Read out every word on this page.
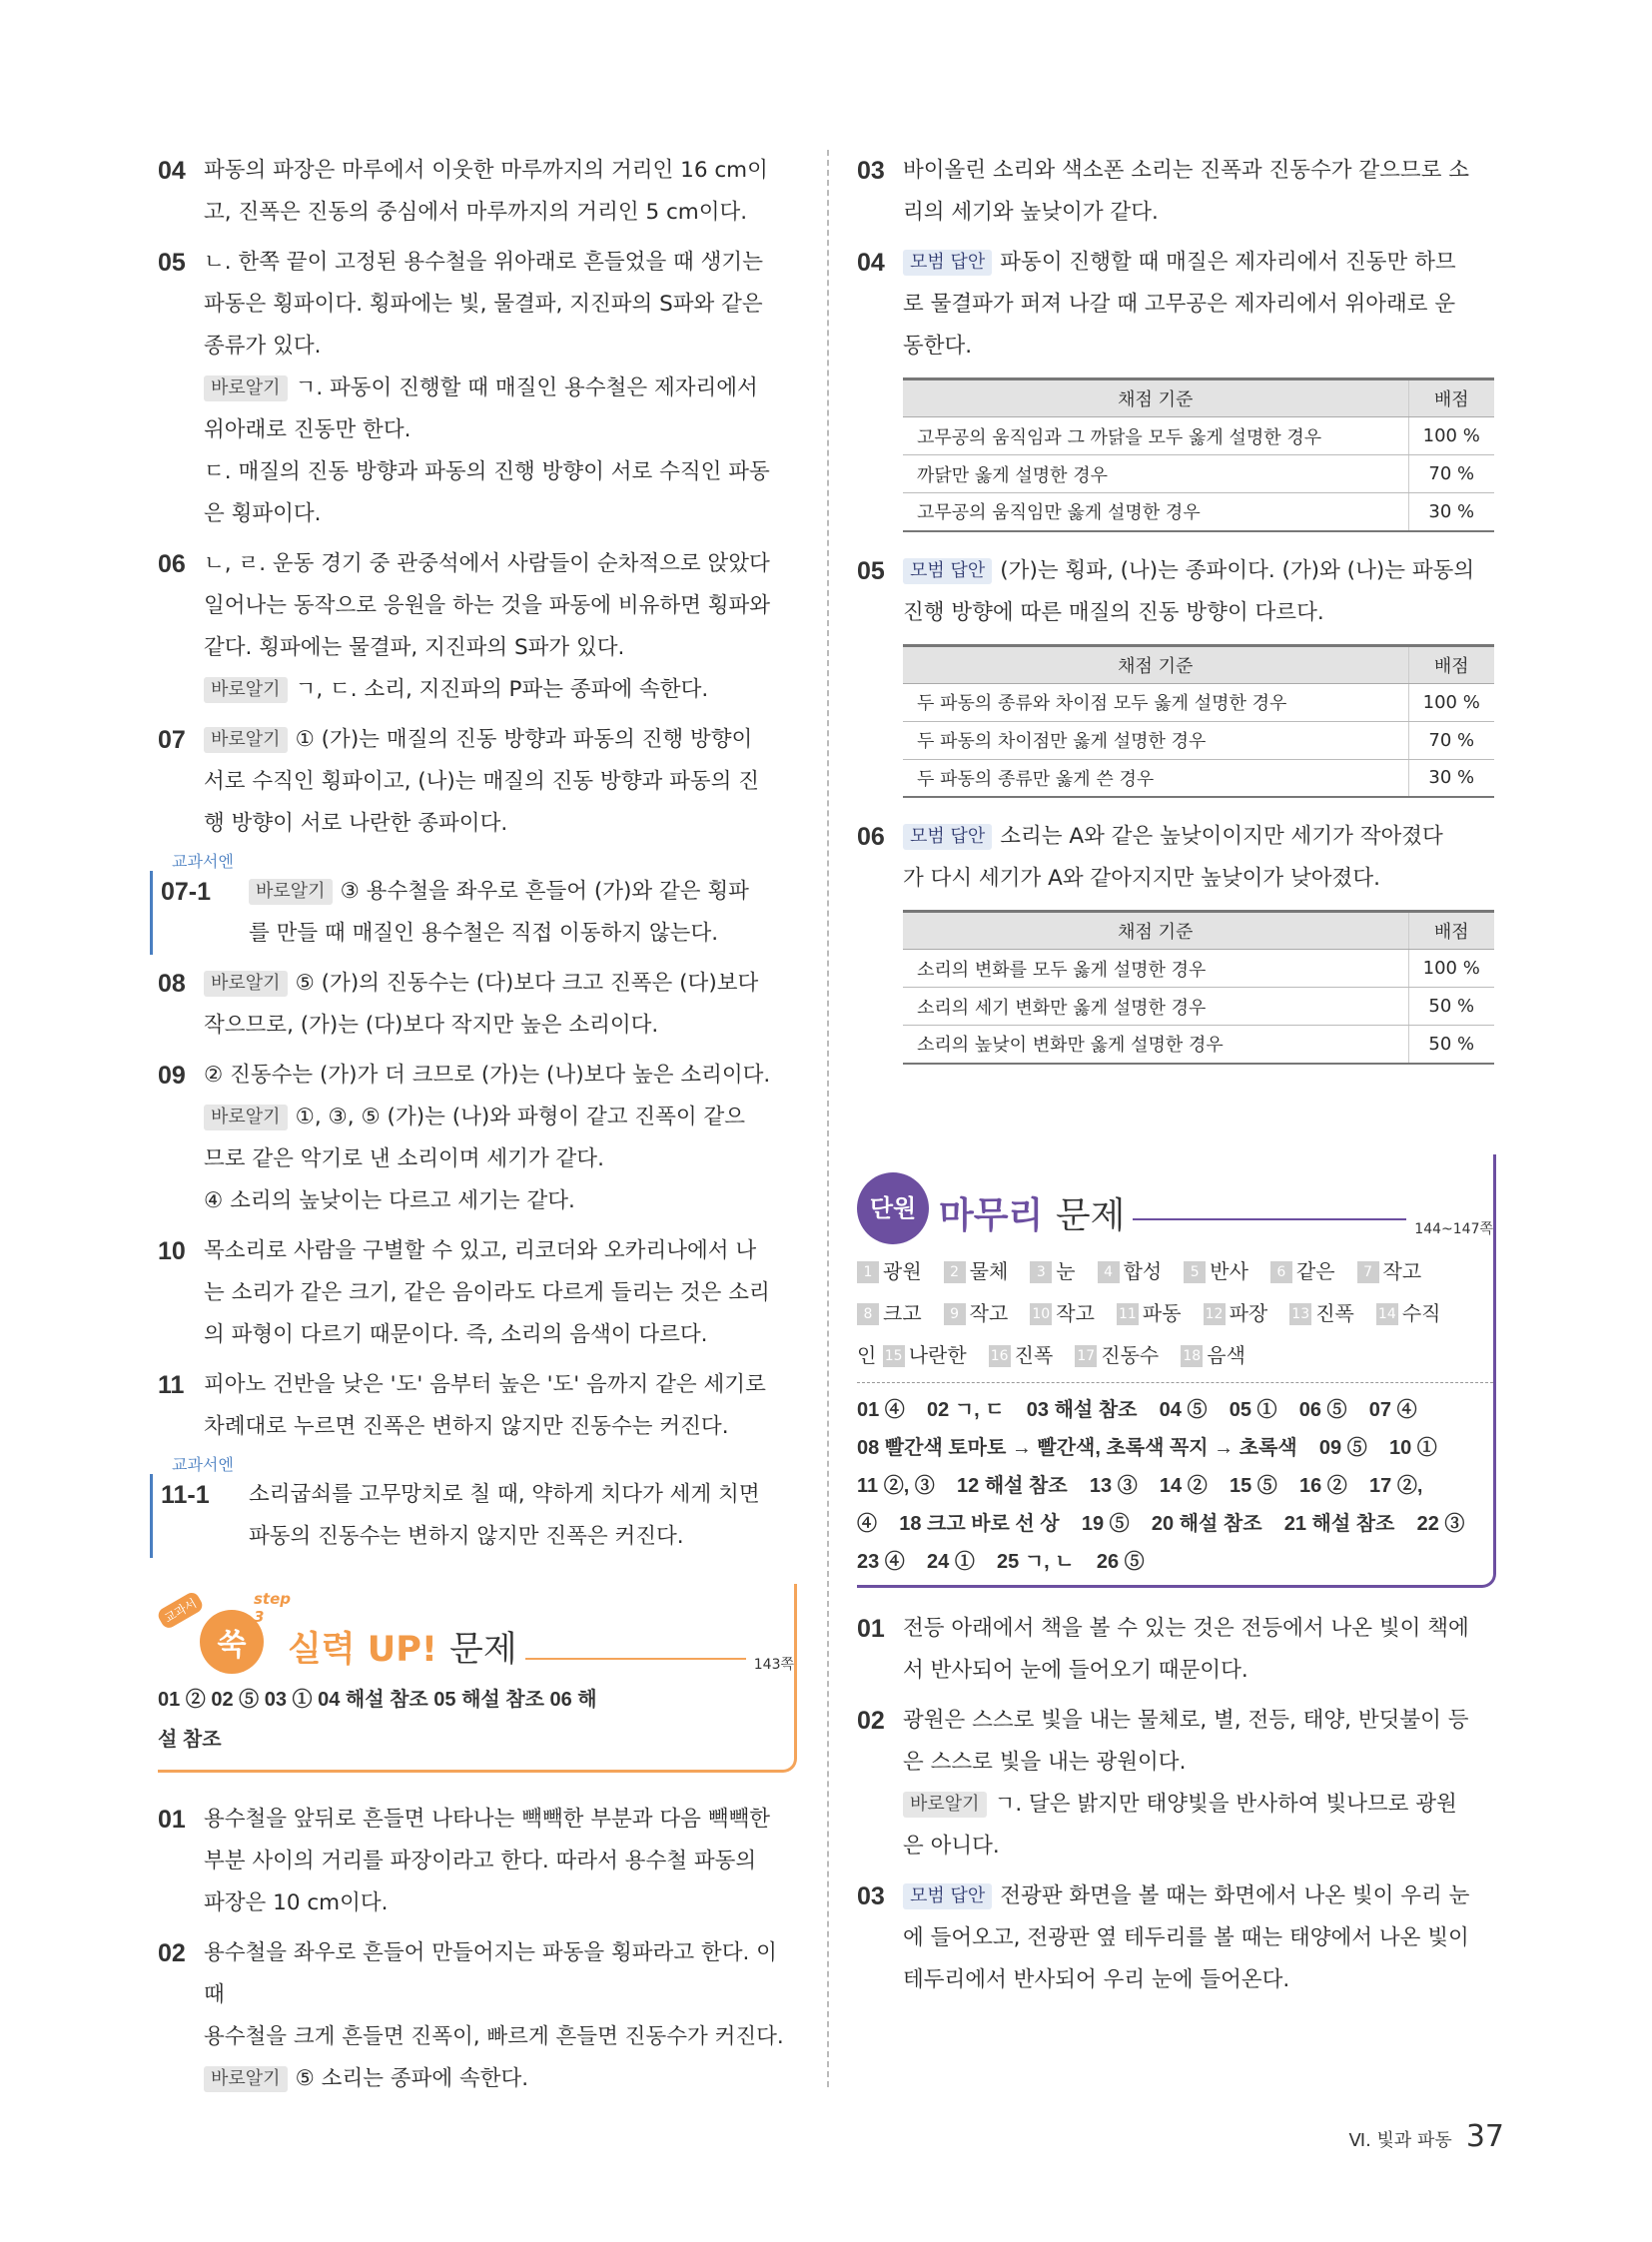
04 파동의 파장은 마루에서 이웃한 마루까지의 거리인 16 cm이

고, 진폭은 진동의 중심에서 마루까지의 거리인 5 cm이다.

05 ㄴ. 한쪽 끝이 고정된 용수철을 위아래로 흔들었을 때 생기는

파동은 횡파이다. 횡파에는 빛, 물결파, 지진파의 S파와 같은

종류가 있다.

바로알기 ㄱ. 파동이 진행할 때 매질인 용수철은 제자리에서

위아래로 진동만 한다.

ㄷ. 매질의 진동 방향과 파동의 진행 방향이 서로 수직인 파동

은 횡파이다.

06 ㄴ, ㄹ. 운동 경기 중 관중석에서 사람들이 순차적으로 앉았다

일어나는 동작으로 응원을 하는 것을 파동에 비유하면 횡파와

같다. 횡파에는 물결파, 지진파의 S파가 있다.

바로알기 ㄱ, ㄷ. 소리, 지진파의 P파는 종파에 속한다.

07	바로알기 ① (가)는 매질의 진동 방향과 파동의 진행 방향이

서로 수직인 횡파이고, (나)는 매질의 진동 방향과 파동의 진

행 방향이 서로 나란한 종파이다.

교과서엔
07-1	바로알기 ③ 용수철을 좌우로 흔들어 (가)와 같은 횡파

를 만들 때 매질인 용수철은 직접 이동하지 않는다.

08	바로알기 ⑤ (가)의 진동수는 (다)보다 크고 진폭은 (다)보다

작으므로, (가)는 (다)보다 작지만 높은 소리이다.

09 ② 진동수는 (가)가 더 크므로 (가)는 (나)보다 높은 소리이다.

바로알기 ①, ③, ⑤ (가)는 (나)와 파형이 같고 진폭이 같으

므로 같은 악기로 낸 소리이며 세기가 같다.

④ 소리의 높낮이는 다르고 세기는 같다.

10 목소리로 사람을 구별할 수 있고, 리코더와 오카리나에서 나

는 소리가 같은 크기, 같은 음이라도 다르게 들리는 것은 소리

의 파형이 다르기 때문이다. 즉, 소리의 음색이 다르다.

11 피아노 건반을 낮은 '도' 음부터 높은 '도' 음까지 같은 세기로

차례대로 누르면 진폭은 변하지 않지만 진동수는 커진다.

교과서엔
11-1	소리굽쇠를 고무망치로 칠 때, 약하게 치다가 세게 치면

파동의 진동수는 변하지 않지만 진폭은 커진다.

교과서	step 3
쑥	실력 UP! 문제	143쪽
01 ② 02 ⑤ 03 ① 04 해설 참조 05 해설 참조 06 해
설 참조
01 용수철을 앞뒤로 흔들면 나타나는 빽빽한 부분과 다음 빽빽한

부분 사이의 거리를 파장이라고 한다. 따라서 용수철 파동의

파장은 10 cm이다.

02 용수철을 좌우로 흔들어 만들어지는 파동을 횡파라고 한다. 이때

용수철을 크게 흔들면 진폭이, 빠르게 흔들면 진동수가 커진다.

바로알기 ⑤ 소리는 종파에 속한다.

03 바이올린 소리와 색소폰 소리는 진폭과 진동수가 같으므로 소

리의 세기와 높낮이가 같다.

04	모범 답안 파동이 진행할 때 매질은 제자리에서 진동만 하므

로 물결파가 퍼져 나갈 때 고무공은 제자리에서 위아래로 운

동한다.

채점 기준	배점
고무공의 움직임과 그 까닭을 모두 옳게 설명한 경우	100 %
까닭만 옳게 설명한 경우	70 %
고무공의 움직임만 옳게 설명한 경우	30 %
05	모범 답안 (가)는 횡파, (나)는 종파이다. (가)와 (나)는 파동의

진행 방향에 따른 매질의 진동 방향이 다르다.

채점 기준	배점
두 파동의 종류와 차이점 모두 옳게 설명한 경우	100 %
두 파동의 차이점만 옳게 설명한 경우	70 %
두 파동의 종류만 옳게 쓴 경우	30 %
06	모범 답안 소리는 A와 같은 높낮이이지만 세기가 작아졌다

가 다시 세기가 A와 같아지지만 높낮이가 낮아졌다.

채점 기준	배점
소리의 변화를 모두 옳게 설명한 경우	100 %
소리의 세기 변화만 옳게 설명한 경우	50 %
소리의 높낮이 변화만 옳게 설명한 경우	50 %
단원 마무리 문제	144~147쪽
1 광원	2 물체	3 눈	4 합성	5 반사	6 같은	7 작고
8 크고	9 작고 10 작고 11 파동 12 파장 13 진폭 14 수직
인 15 나란한 16 진폭 17 진동수 18 음색
01 ④    02 ㄱ, ㄷ    03 해설 참조    04 ⑤    05 ①    06 ⑤    07 ④
08 빨간색 토마토 → 빨간색, 초록색 꼭지 → 초록색    09 ⑤    10 ①
11 ②, ③    12 해설 참조    13 ③    14 ②    15 ⑤    16 ②    17 ②,
④    18 크고 바로 선 상    19 ⑤    20 해설 참조    21 해설 참조    22 ③
23 ④    24 ①    25 ㄱ, ㄴ    26 ⑤
01 전등 아래에서 책을 볼 수 있는 것은 전등에서 나온 빛이 책에

서 반사되어 눈에 들어오기 때문이다.

02 광원은 스스로 빛을 내는 물체로, 별, 전등, 태양, 반딧불이 등

은 스스로 빛을 내는 광원이다.

바로알기 ㄱ. 달은 밝지만 태양빛을 반사하여 빛나므로 광원

은 아니다.

03	모범 답안 전광판 화면을 볼 때는 화면에서 나온 빛이 우리 눈

에 들어오고, 전광판 옆 테두리를 볼 때는 태양에서 나온 빛이

테두리에서 반사되어 우리 눈에 들어온다.

Ⅵ. 빛과 파동 37
